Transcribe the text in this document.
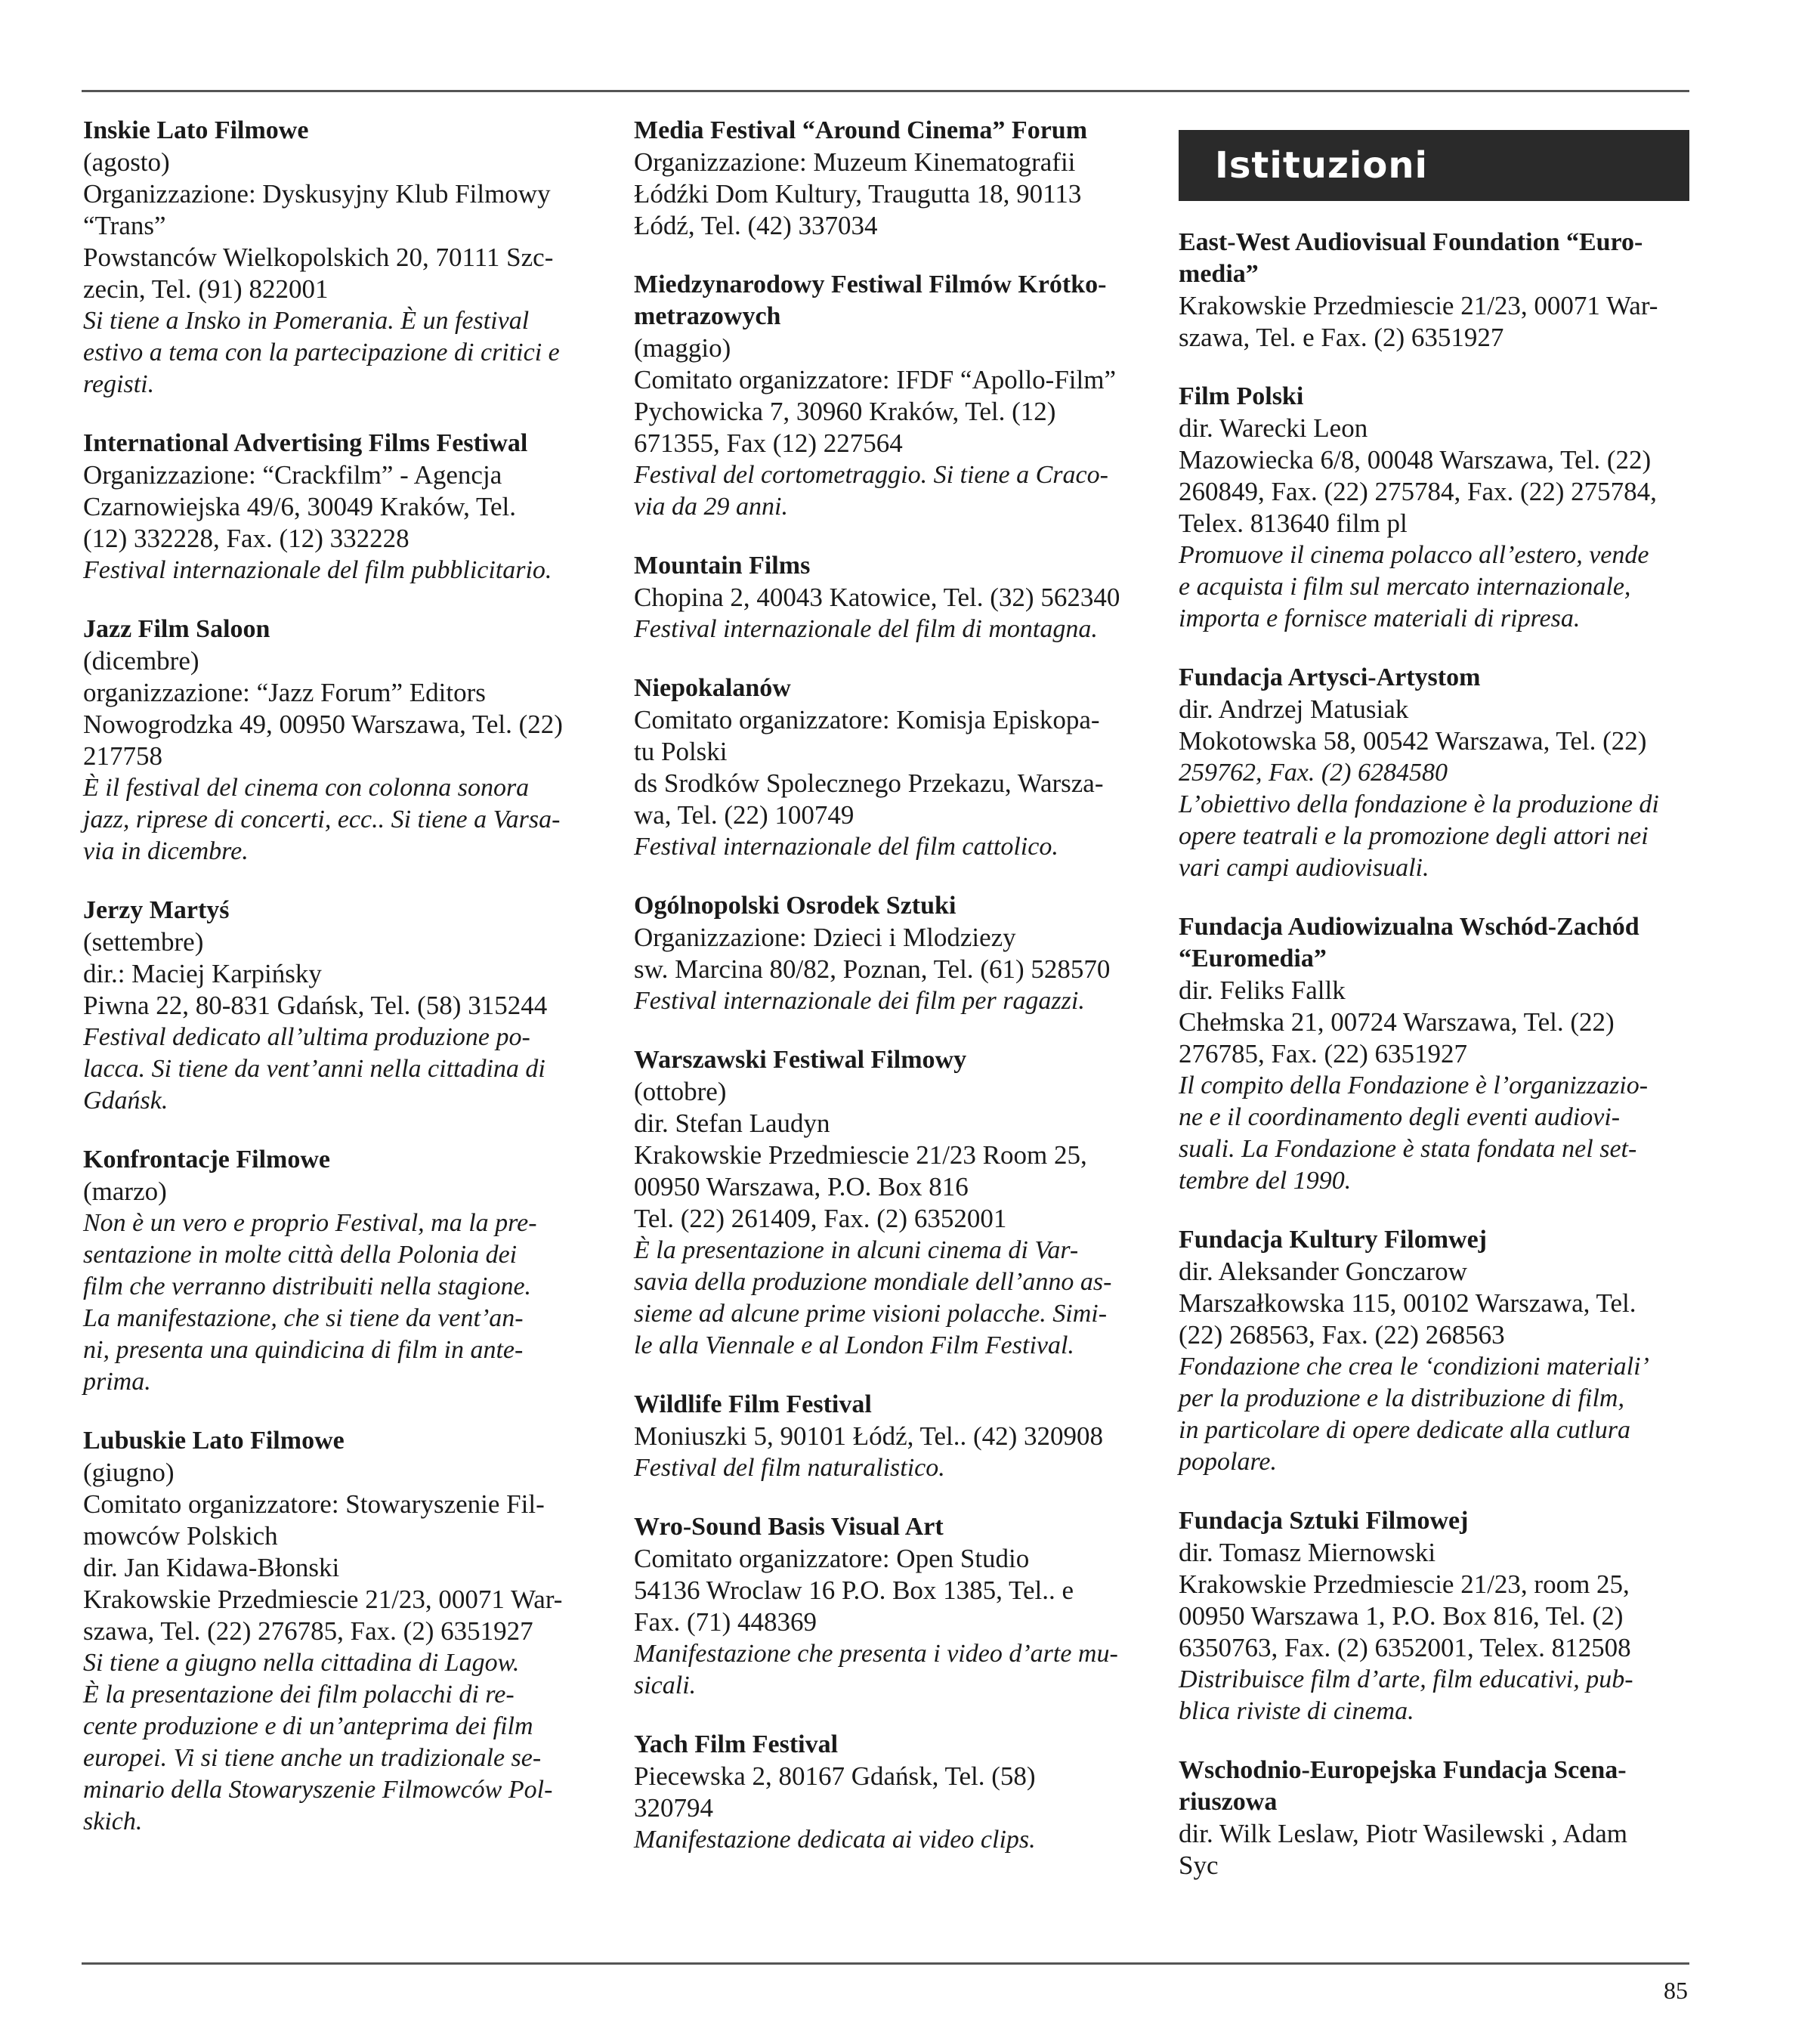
Inskie Lato Filmowe
(agosto)
Organizzazione: Dyskusyjny Klub Filmowy
“Trans”
Powstanców Wielkopolskich 20, 70111 Szc-
zecin, Tel. (91) 822001
Si tiene a Insko in Pomerania. È un festival
estivo a tema con la partecipazione di critici e
registi.
International Advertising Films Festiwal
Organizzazione: “Crackfilm” - Agencja
Czarnowiejska 49/6, 30049 Kraków, Tel.
(12) 332228, Fax. (12) 332228
Festival internazionale del film pubblicitario.
Jazz Film Saloon
(dicembre)
organizzazione: “Jazz Forum” Editors
Nowogrodzka 49, 00950 Warszawa, Tel. (22)
217758
È il festival del cinema con colonna sonora
jazz, riprese di concerti, ecc.. Si tiene a Varsa-
via in dicembre.
Jerzy Martyś
(settembre)
dir.: Maciej Karpińsky
Piwna 22, 80-831 Gdańsk, Tel. (58) 315244
Festival dedicato all’ultima produzione po-
lacca. Si tiene da vent’anni nella cittadina di
Gdańsk.
Konfrontacje Filmowe
(marzo)
Non è un vero e proprio Festival, ma la pre-
sentazione in molte città della Polonia dei
film che verranno distribuiti nella stagione.
La manifestazione, che si tiene da vent’an-
ni, presenta una quindicina di film in ante-
prima.
Lubuskie Lato Filmowe
(giugno)
Comitato organizzatore: Stowaryszenie Fil-
mowców Polskich
dir. Jan Kidawa-Błonski
Krakowskie Przedmiescie 21/23, 00071 War-
szawa, Tel. (22) 276785, Fax. (2) 6351927
Si tiene a giugno nella cittadina di Lagow.
È la presentazione dei film polacchi di re-
cente produzione e di un’anteprima dei film
europei. Vi si tiene anche un tradizionale se-
minario della Stowaryszenie Filmowców Pol-
skich.
Media Festival “Around Cinema” Forum
Organizzazione: Muzeum Kinematografii
Łódźki Dom Kultury, Traugutta 18, 90113
Łódź, Tel. (42) 337034
Miedzynarodowy Festiwal Filmów Krótko-
metrazowych
(maggio)
Comitato organizzatore: IFDF “Apollo-Film”
Pychowicka 7, 30960 Kraków, Tel. (12)
671355, Fax (12) 227564
Festival del cortometraggio. Si tiene a Craco-
via da 29 anni.
Mountain Films
Chopina 2, 40043 Katowice, Tel. (32) 562340
Festival internazionale del film di montagna.
Niepokalanów
Comitato organizzatore: Komisja Episkopa-
tu Polski
ds Srodków Spolecznego Przekazu, Warsza-
wa, Tel. (22) 100749
Festival internazionale del film cattolico.
Ogólnopolski Osrodek Sztuki
Organizzazione: Dzieci i Mlodziezy
sw. Marcina 80/82, Poznan, Tel. (61) 528570
Festival internazionale dei film per ragazzi.
Warszawski Festiwal Filmowy
(ottobre)
dir. Stefan Laudyn
Krakowskie Przedmiescie 21/23 Room 25,
00950 Warszawa, P.O. Box 816
Tel. (22) 261409, Fax. (2) 6352001
È la presentazione in alcuni cinema di Var-
savia della produzione mondiale dell’anno as-
sieme ad alcune prime visioni polacche. Simi-
le alla Viennale e al London Film Festival.
Wildlife Film Festival
Moniuszki 5, 90101 Łódź, Tel.. (42) 320908
Festival del film naturalistico.
Wro-Sound Basis Visual Art
Comitato organizzatore: Open Studio
54136 Wroclaw 16 P.O. Box 1385, Tel.. e
Fax. (71) 448369
Manifestazione che presenta i video d’arte mu-
sicali.
Yach Film Festival
Piecewska 2, 80167 Gdańsk, Tel. (58)
320794
Manifestazione dedicata ai video clips.
Istituzioni
East-West Audiovisual Foundation “Euro-
media”
Krakowskie Przedmiescie 21/23, 00071 War-
szawa, Tel. e Fax. (2) 6351927
Film Polski
dir. Warecki Leon
Mazowiecka 6/8, 00048 Warszawa, Tel. (22)
260849, Fax. (22) 275784, Fax. (22) 275784,
Telex. 813640 film pl
Promuove il cinema polacco all’estero, vende
e acquista i film sul mercato internazionale,
importa e fornisce materiali di ripresa.
Fundacja Artysci-Artystom
dir. Andrzej Matusiak
Mokotowska 58, 00542 Warszawa, Tel. (22)
259762, Fax. (2) 6284580
L’obiettivo della fondazione è la produzione di
opere teatrali e la promozione degli attori nei
vari campi audiovisuali.
Fundacja Audiowizualna Wschód-Zachód
“Euromedia”
dir. Feliks Fallk
Chełmska 21, 00724 Warszawa, Tel. (22)
276785, Fax. (22) 6351927
Il compito della Fondazione è l’organizzazio-
ne e il coordinamento degli eventi audiovi-
suali. La Fondazione è stata fondata nel set-
tembre del 1990.
Fundacja Kultury Filomwej
dir. Aleksander Gonczarow
Marszałkowska 115, 00102 Warszawa, Tel.
(22) 268563, Fax. (22) 268563
Fondazione che crea le ‘condizioni materiali’
per la produzione e la distribuzione di film,
in particolare di opere dedicate alla cutlura
popolare.
Fundacja Sztuki Filmowej
dir. Tomasz Miernowski
Krakowskie Przedmiescie 21/23, room 25,
00950 Warszawa 1, P.O. Box 816, Tel. (2)
6350763, Fax. (2) 6352001, Telex. 812508
Distribuisce film d’arte, film educativi, pub-
blica riviste di cinema.
Wschodnio-Europejska Fundacja Scena-
riuszowa
dir. Wilk Leslaw, Piotr Wasilewski , Adam
Syc
85
